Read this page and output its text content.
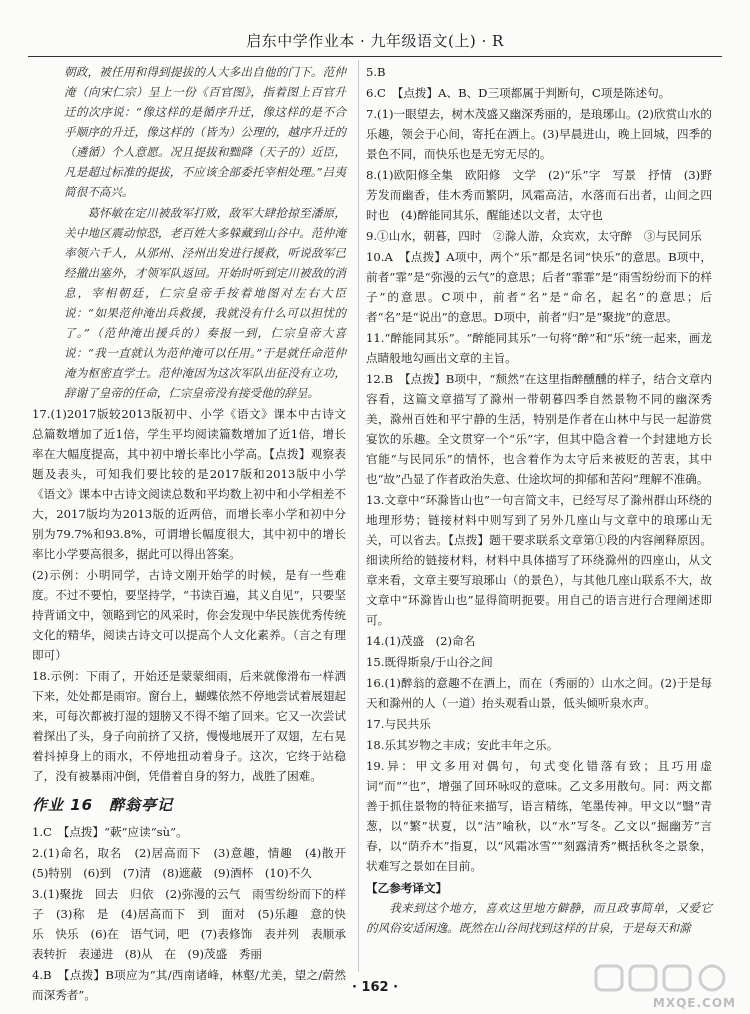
启东中学作业本 · 九年级语文(上) · R

朝政，被任用和得到提拔的人大多出自他的门下。范仲淹（向宋仁宗）呈上一份《百官图》，指着图上百官升迁的次序说：“像这样的是循序升迁，像这样的是不合乎顺序的升迁，像这样的（皆为）公理的，越序升迁的（遴循）个人意愿。况且提拔和黜降（天子的）近臣，凡是超过标准的提拔，不应该全部委托宰相处理。”吕夷简很不高兴。

葛怀敏在定川被敌军打败，敌军大肆抢掠至潘原，关中地区震动惊恐，老百姓大多躲藏到山谷中。范仲淹率领六千人，从邠州、泾州出发进行援救，听说敌军已经撤出塞外，才领军队返回。开始时听到定川被敌的消息，宰相朝廷，仁宗皇帝手按着地图对左右大臣说：“如果范仲淹出兵救援，我就没有什么可以担忧的了。”（范仲淹出援兵的）奏报一到，仁宗皇帝大喜说：“我一直就认为范仲淹可以任用。”于是就任命范仲淹为枢密直学士。范仲淹因为这次军队出征没有立功，辞谢了皇帝的任命，仁宗皇帝没有接受他的辞呈。

17.(1)2017版较2013版初中、小学《语文》课本中古诗文总篇数增加了近1倍，学生平均阅读篇数增加了近1倍，增长率在大幅度提高，其中初中增长率比小学高。【点拨】观察表题及表头，可知我们要比较的是2017版和2013版中小学《语文》课本中古诗文阅读总数和平均数上初中和小学相差不大，2017版均为2013版的近两倍，而增长率小学和初中分别为79.7%和93.8%，可谓增长幅度很大，其中初中的增长率比小学要高很多，据此可以得出答案。

(2)示例：小明同学，古诗文刚开始学的时候，是有一些难度。不过不要怕，要坚持学，“书读百遍，其义自见”，只要坚持背诵文中，领略到它的风采时，你会发现中华民族优秀传统文化的精华，阅读古诗文可以提高个人文化素养。（言之有理即可）

18.示例：下雨了，开始还是蒙蒙细雨，后来就像滑布一样洒下来，处处都是雨帘。窗台上，蝴蝶依然不停地尝试着展翅起来，可每次都被打湿的翅膀又不得不缩了回来。它又一次尝试着探出了头，身子向前挤了又挤，慢慢地展开了双翅，左右晃着抖掉身上的雨水，不停地扭动着身子。这次，它终于站稳了，没有被暴雨冲倒，凭借着自身的努力，战胜了困难。

作业 16　醉翁亭记

1.C　【点拨】“蔌”应读“sù”。

2.(1)命名，取名　(2)居高而下　(3)意趣，情趣　(4)散开　(5)特别　(6)到　(7)清　(8)遮蔽　(9)酒杯　(10)不久

3.(1)聚拢　回去　归依　(2)弥漫的云气　雨雪纷纷而下的样子　(3)称　是　(4)居高而下　到　面对　(5)乐趣　意的快乐　快乐　(6)在　语气词，吧　(7)表修饰　表并列　表顺承　表转折　表递进　(8)从　在　(9)茂盛　秀丽

4.B　【点拨】B项应为“其/西南诸峰，林壑/尤美，望之/蔚然而深秀者”。

5.B

6.C　【点拨】A、B、D三项都属于判断句，C项是陈述句。

7.(1)一眼望去，树木茂盛又幽深秀丽的，是琅琊山。(2)欣赏山水的乐趣，领会于心间，寄托在酒上。(3)早晨进山，晚上回城，四季的景色不同，而快乐也是无穷无尽的。

8.(1)欧阳修全集　欧阳修　文学　(2)“乐”字　写景　抒情　(3)野芳发而幽香，佳木秀而繁阴，风霜高洁，水落而石出者，山间之四时也　(4)醉能同其乐，醒能述以文者，太守也

9.①山水，朝暮，四时　②滁人游，众宾欢，太守醉　③与民同乐

10.A　【点拨】A项中，两个“乐”都是名词“快乐”的意思。B项中，前者“霏”是“弥漫的云气”的意思；后者“霏霏”是“雨雪纷纷而下的样子”的意思。C项中，前者“名”是“命名，起名”的意思；后者“名”是“说出”的意思。D项中，前者“归”是“聚拢”的意思。

11.“醉能同其乐”。“醉能同其乐”一句将“醉”和“乐”统一起来，画龙点睛般地勾画出文章的主旨。

12.B　【点拨】B项中，“颓然”在这里指醉醺醺的样子，结合文章内容看，这篇文章描写了滁州一带朝暮四季自然景物不同的幽深秀美，滁州百姓和平宁静的生活，特别是作者在山林中与民一起游赏宴饮的乐趣。全文贯穿一个“乐”字，但其中隐含着一个封建地方长官能“与民同乐”的情怀，也含着作为太守后来被贬的苦衷，其中也“故”凸显了作者政治失意、仕途坎坷的抑郁和苦闷”理解不准确。

13.文章中“环滁皆山也”一句言简文丰，已经写尽了滁州群山环绕的地理形势；链接材料中则写到了另外几座山与文章中的琅琊山无关，可以省去。【点拨】题干要求联系文章第①段的内容阐释原因。细读所给的链接材料，材料中具体描写了环绕滁州的四座山，从文章来看，文章主要写琅琊山（的景色），与其他几座山联系不大，故文章中“环滁皆山也”显得简明扼要。用自己的语言进行合理阐述即可。

14.(1)茂盛　(2)命名

15.既得斯泉/于山谷之间

16.(1)醉翁的意趣不在酒上，而在（秀丽的）山水之间。(2)于是每天和滁州的人（一道）抬头观看山景，低头倾听泉水声。

17.与民共乐

18.乐其岁物之丰成；安此丰年之乐。

19.异：甲文多用对偶句，句式变化错落有致；且巧用虚词“而”“也”，增强了回环咏叹的意味。乙文多用散句。同：两文都善于抓住景物的特征来描写，语言精练，笔墨传神。甲文以“翳”青葱，以“繁”状夏，以“洁”喻秋，以“水”写冬。乙文以“掘幽芳”言春，以“荫乔木”指夏，以“风霜冰雪”“刻露清秀”概括秋冬之景象，状难写之景如在目前。

【乙参考译文】

我来到这个地方，喜欢这里地方僻静，而且政事简单，又爱它的风俗安适闲逸。既然在山谷间找到这样的甘泉，于是每天和滁

· 162 ·
MXQE.COM
